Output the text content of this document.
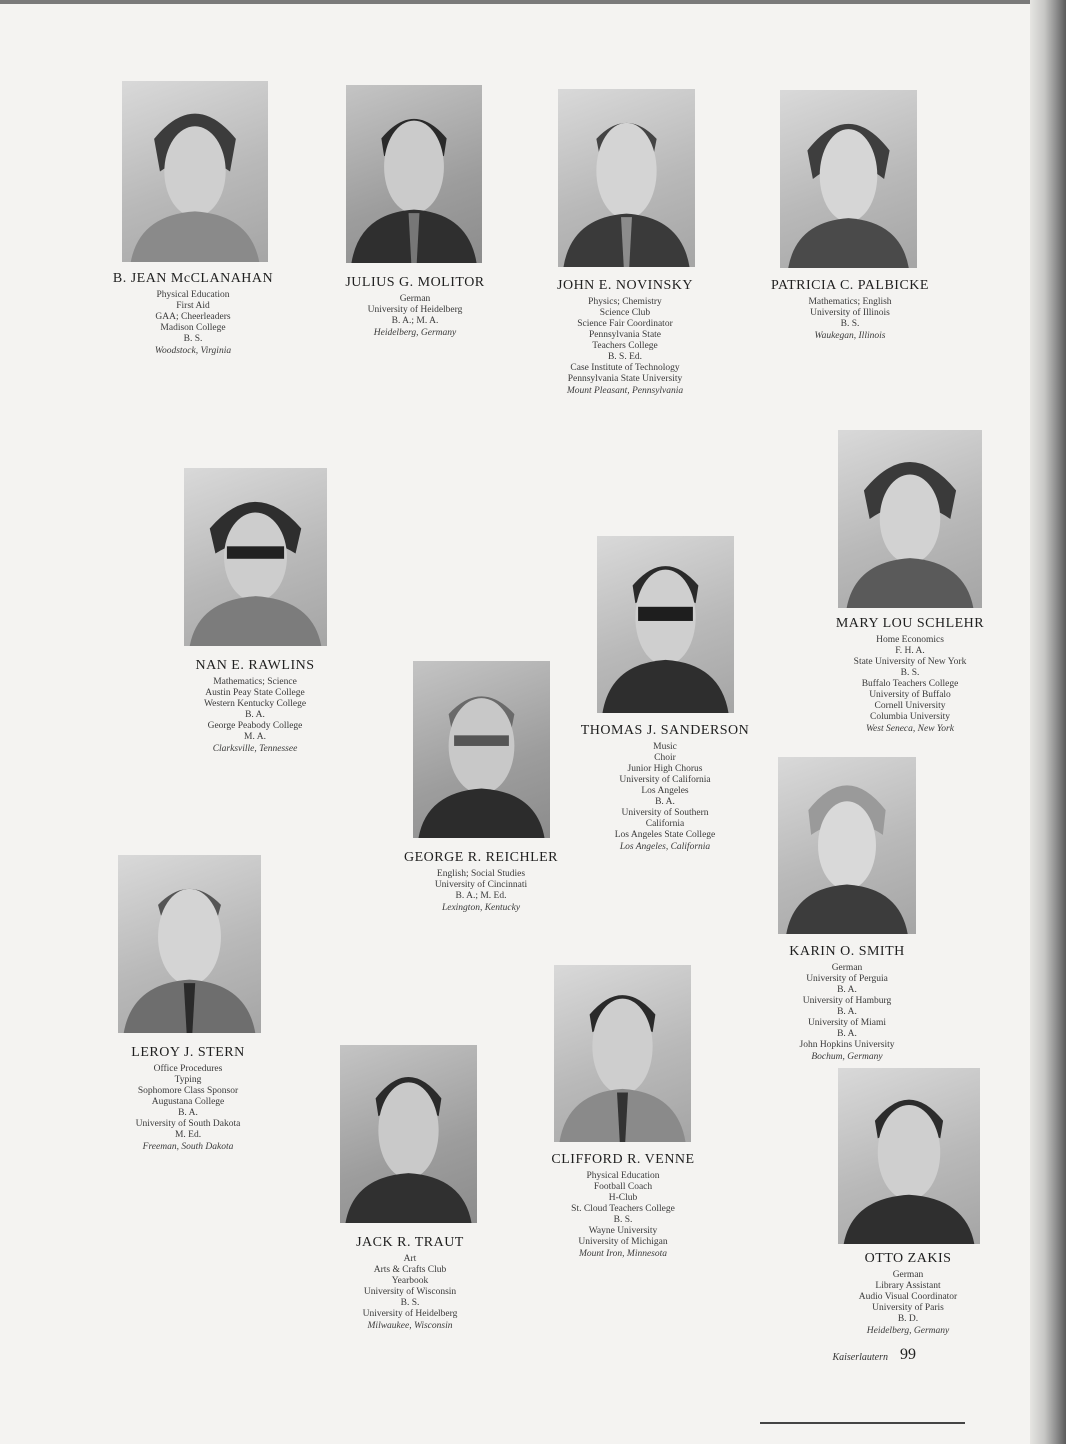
B. JEAN McCLANAHAN
Physical Education
First Aid
GAA; Cheerleaders
Madison College
B. S.
Woodstock, Virginia
JULIUS G. MOLITOR
German
University of Heidelberg
B. A.; M. A.
Heidelberg, Germany
JOHN E. NOVINSKY
Physics; Chemistry
Science Club
Science Fair Coordinator
Pennsylvania State
Teachers College
B. S. Ed.
Case Institute of Technology
Pennsylvania State University
Mount Pleasant, Pennsylvania
PATRICIA C. PALBICKE
Mathematics; English
University of Illinois
B. S.
Waukegan, Illinois
NAN E. RAWLINS
Mathematics; Science
Austin Peay State College
Western Kentucky College
B. A.
George Peabody College
M. A.
Clarksville, Tennessee
MARY LOU SCHLEHR
Home Economics
F. H. A.
State University of New York
B. S.
Buffalo Teachers College
University of Buffalo
Cornell University
Columbia University
West Seneca, New York
THOMAS J. SANDERSON
Music
Choir
Junior High Chorus
University of California
Los Angeles
B. A.
University of Southern
California
Los Angeles State College
Los Angeles, California
GEORGE R. REICHLER
English; Social Studies
University of Cincinnati
B. A.; M. Ed.
Lexington, Kentucky
KARIN O. SMITH
German
University of Perguia
B. A.
University of Hamburg
B. A.
University of Miami
B. A.
John Hopkins University
Bochum, Germany
LEROY J. STERN
Office Procedures
Typing
Sophomore Class Sponsor
Augustana College
B. A.
University of South Dakota
M. Ed.
Freeman, South Dakota
CLIFFORD R. VENNE
Physical Education
Football Coach
H-Club
St. Cloud Teachers College
B. S.
Wayne University
University of Michigan
Mount Iron, Minnesota
JACK R. TRAUT
Art
Arts & Crafts Club
Yearbook
University of Wisconsin
B. S.
University of Heidelberg
Milwaukee, Wisconsin
OTTO ZAKIS
German
Library Assistant
Audio Visual Coordinator
University of Paris
B. D.
Heidelberg, Germany
Kaiserlautern 99
